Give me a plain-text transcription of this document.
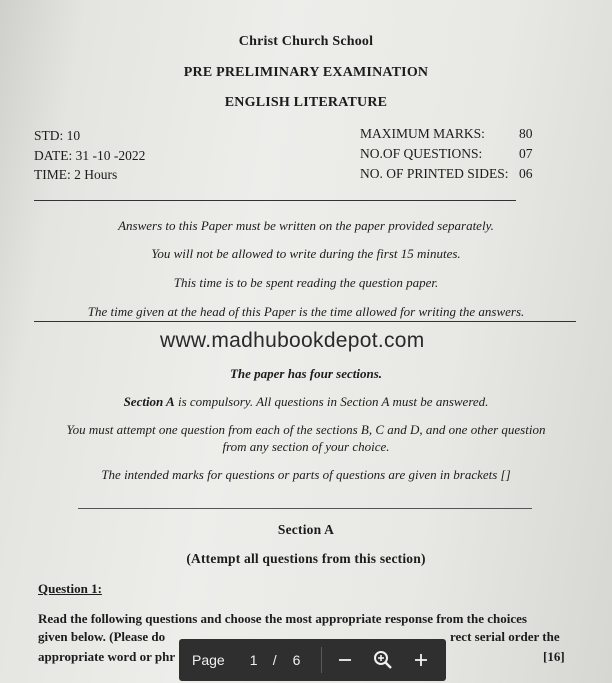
Christ Church School
PRE PRELIMINARY EXAMINATION
ENGLISH LITERATURE
STD: 10
DATE: 31 -10 -2022
TIME: 2 Hours
MAXIMUM MARKS:	80
NO.OF QUESTIONS:	07
NO. OF PRINTED SIDES: 06
Answers to this Paper must be written on the paper provided separately.
You will not be allowed to write during the first 15 minutes.
This time is to be spent reading the question paper.
The time given at the head of this Paper is the time allowed for writing the answers.
www.madhubookdepot.com
The paper has four sections.
Section A is compulsory. All questions in Section A must be answered.
You must attempt one question from each of the sections B, C and D, and one other question
from any section of your choice.
The intended marks for questions or parts of questions are given in brackets []
Section A
(Attempt all questions from this section)
Question 1:
Read the following questions and choose the most appropriate response from the choices
given below. (Please do	rect serial order the
appropriate word or phr	[16]
Page 1 / 6
